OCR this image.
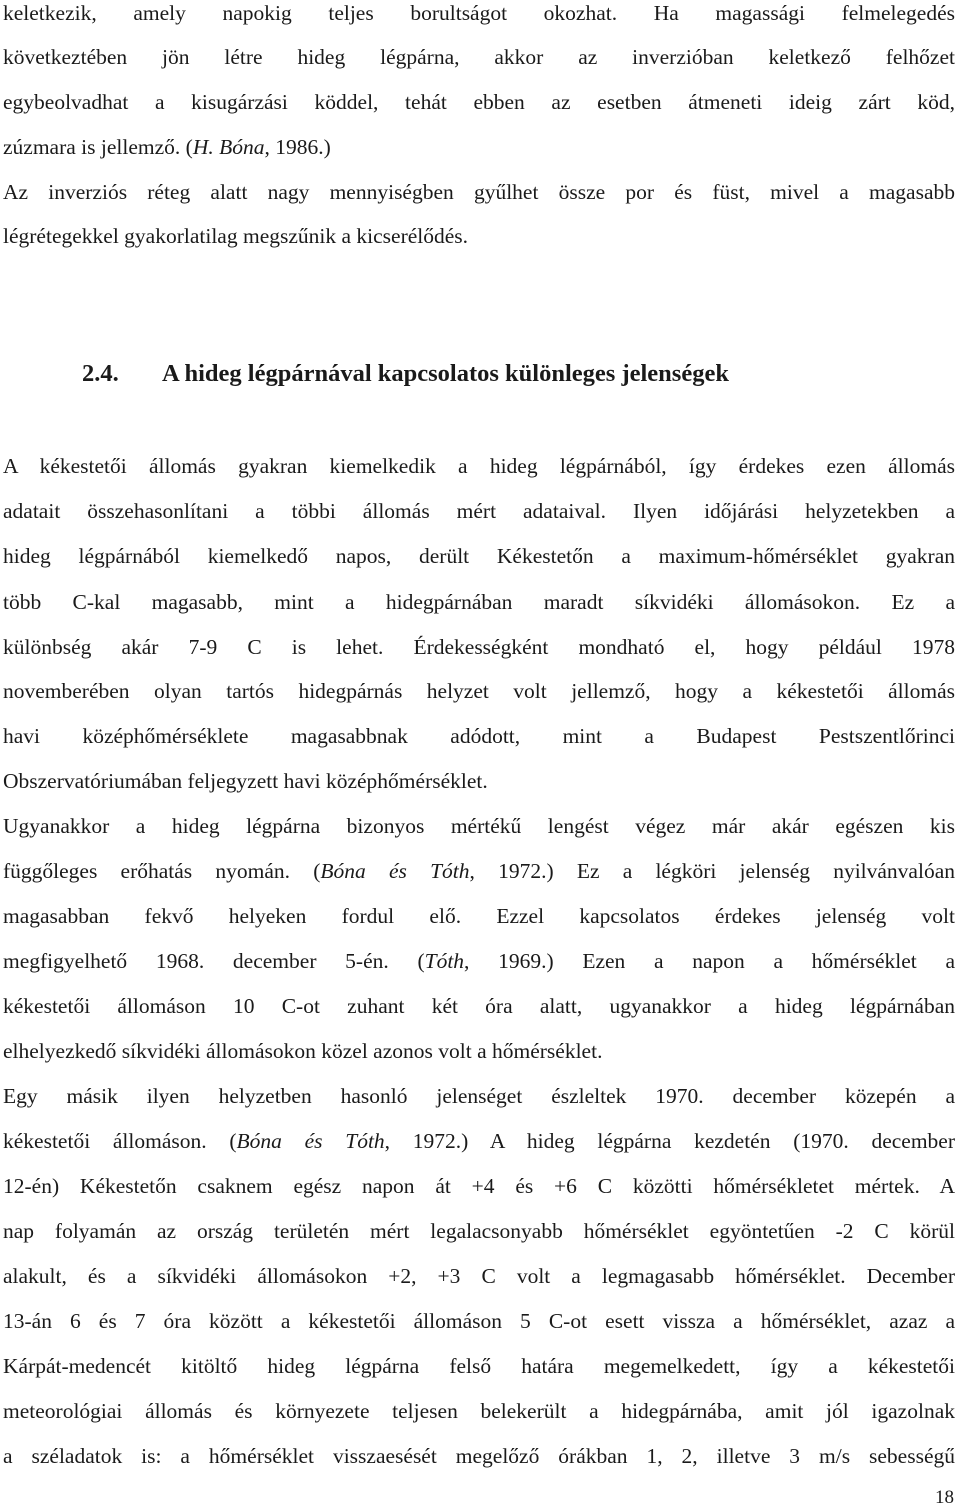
keletkezik, amely napokig teljes borultságot okozhat. Ha magassági felmelegedés

következtében jön létre hideg légpárna, akkor az inverzióban keletkező felhőzet

egybeolvadhat a kisugárzási köddel, tehát ebben az esetben átmeneti ideig zárt köd,

zúzmara is jellemző. (H. Bóna, 1986.)

Az inverziós réteg alatt nagy mennyiségben gyűlhet össze por és füst, mivel a magasabb

légrétegekkel gyakorlatilag megszűnik a kicserélődés.

2.4. A hideg légpárnával kapcsolatos különleges jelenségek

A kékestetői állomás gyakran kiemelkedik a hideg légpárnából, így érdekes ezen állomás

adatait összehasonlítani a többi állomás mért adataival. Ilyen időjárási helyzetekben a

hideg légpárnából kiemelkedő napos, derült Kékestetőn a maximum-hőmérséklet gyakran

több C-kal magasabb, mint a hidegpárnában maradt síkvidéki állomásokon. Ez a

különbség akár 7-9 C is lehet. Érdekességként mondható el, hogy például 1978

novemberében olyan tartós hidegpárnás helyzet volt jellemző, hogy a kékestetői állomás

havi középhőmérséklete magasabbnak adódott, mint a Budapest Pestszentlőrinci

Obszervatóriumában feljegyzett havi középhőmérséklet.

Ugyanakkor a hideg légpárna bizonyos mértékű lengést végez már akár egészen kis

függőleges erőhatás nyomán. (Bóna és Tóth, 1972.) Ez a légköri jelenség nyilvánvalóan

magasabban fekvő helyeken fordul elő. Ezzel kapcsolatos érdekes jelenség volt

megfigyelhető 1968. december 5-én. (Tóth, 1969.) Ezen a napon a hőmérséklet a

kékestetői állomáson 10 C-ot zuhant két óra alatt, ugyanakkor a hideg légpárnában

elhelyezkedő síkvidéki állomásokon közel azonos volt a hőmérséklet.

Egy másik ilyen helyzetben hasonló jelenséget észleltek 1970. december közepén a

kékestetői állomáson. (Bóna és Tóth, 1972.) A hideg légpárna kezdetén (1970. december

12-én) Kékestetőn csaknem egész napon át +4 és +6 C közötti hőmérsékletet mértek. A

nap folyamán az ország területén mért legalacsonyabb hőmérséklet egyöntetűen -2 C körül

alakult, és a síkvidéki állomásokon +2, +3 C volt a legmagasabb hőmérséklet. December

13-án 6 és 7 óra között a kékestetői állomáson 5 C-ot esett vissza a hőmérséklet, azaz a

Kárpát-medencét kitöltő hideg légpárna felső határa megemelkedett, így a kékestetői

meteorológiai állomás és környezete teljesen belekerült a hidegpárnába, amit jól igazolnak

a széladatok is: a hőmérséklet visszaesését megelőző órákban 1, 2, illetve 3 m/s sebességű

18
